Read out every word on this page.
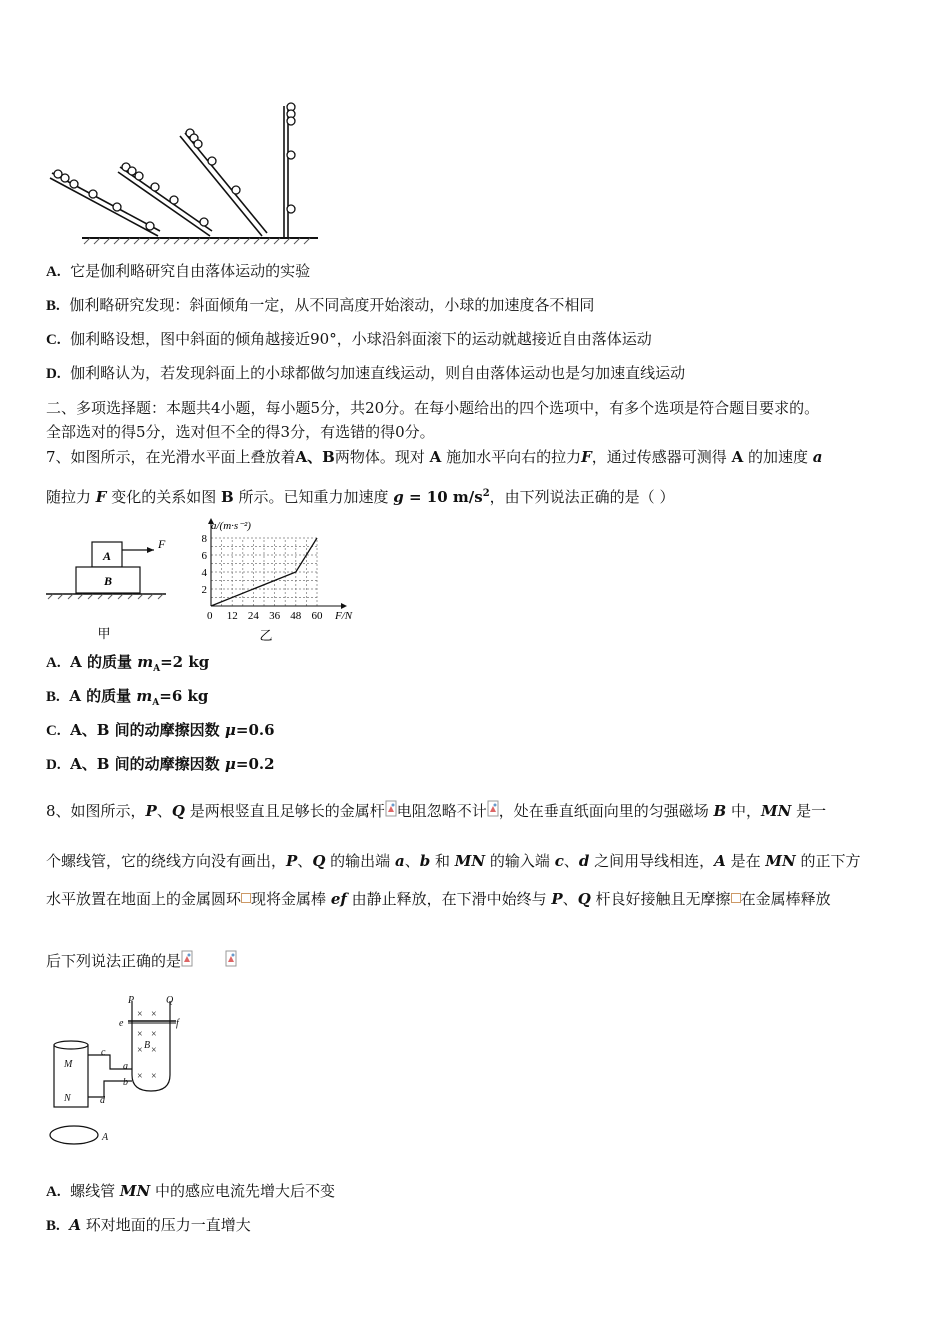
A. 它是伽利略研究自由落体运动的实验
B. 伽利略研究发现：斜面倾角一定，从不同高度开始滚动，小球的加速度各不相同
C. 伽利略设想，图中斜面的倾角越接近90°，小球沿斜面滚下的运动就越接近自由落体运动
D. 伽利略认为，若发现斜面上的小球都做匀加速直线运动，则自由落体运动也是匀加速直线运动
二、多项选择题：本题共4小题，每小题5分，共20分。在每小题给出的四个选项中，有多个选项是符合题目要求的。
全部选对的得5分，选对但不全的得3分，有选错的得0分。
7、如图所示，在光滑水平面上叠放着A、B两物体。现对 A 施加水平向右的拉力F，通过传感器可测得 A 的加速度 a
随拉力 F 变化的关系如图 B 所示。已知重力加速度 g = 10 $m/s^2$，由下列说法正确的是（ ）
A
B
F
甲
12 24 36 48 60
2
4
6
8
a/(m·s⁻²)
F/N
0
乙
A. A 的质量 $m_A=2$ kg
B. A 的质量 $m_A=6$ kg
C. A、B 间的动摩擦因数 μ=0.6
D. A、B 间的动摩擦因数 μ=0.2
8、如图所示，P、Q 是两根竖直且足够长的金属杆 电阻忽略不计 ，处在垂直纸面向里的匀强磁场 B 中，MN 是一
个螺线管，它的绕线方向没有画出，P、Q 的输出端 a、b 和 MN 的输入端 c、d 之间用导线相连，A 是在 MN 的正下方
水平放置在地面上的金属圆环 现将金属棒 ef 由静止释放，在下滑中始终与 P、Q 杆良好接触且无摩擦 在金属棒释放
后下列说法正确的是
× ×
× ×
× ×
× ×
P	Q
e	f
B
M
N
c
d
a
b
A
A. 螺线管 MN 中的感应电流先增大后不变
B. A 环对地面的压力一直增大
